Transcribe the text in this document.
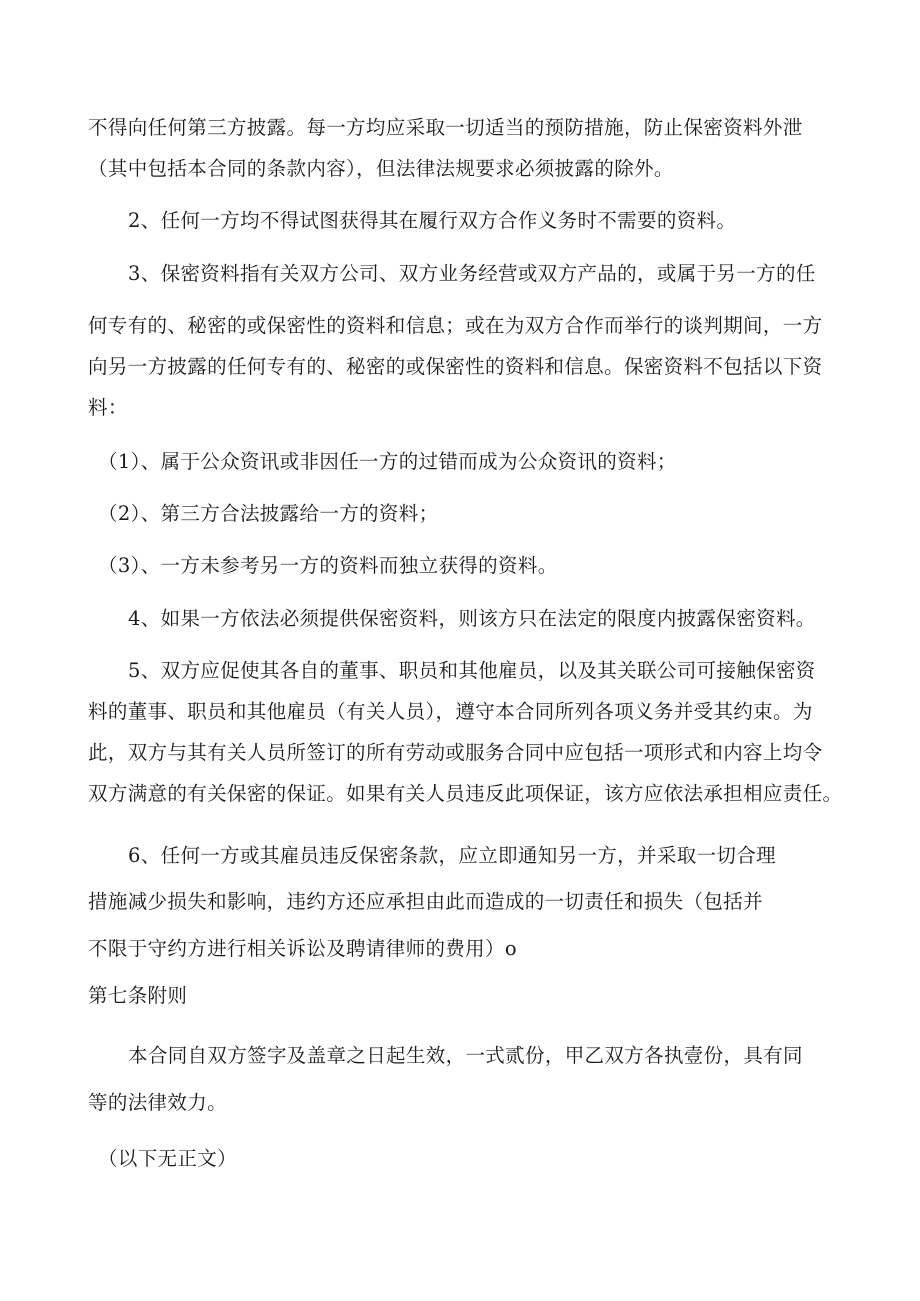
不得向任何第三方披露。每一方均应采取一切适当的预防措施，防止保密资料外泄
（其中包括本合同的条款内容），但法律法规要求必须披露的除外。
2、任何一方均不得试图获得其在履行双方合作义务时不需要的资料。
3、保密资料指有关双方公司、双方业务经营或双方产品的，或属于另一方的任
何专有的、秘密的或保密性的资料和信息；或在为双方合作而举行的谈判期间，一方
向另一方披露的任何专有的、秘密的或保密性的资料和信息。保密资料不包括以下资
料：
（1）、属于公众资讯或非因任一方的过错而成为公众资讯的资料；
（2）、第三方合法披露给一方的资料；
（3）、一方未参考另一方的资料而独立获得的资料。
4、如果一方依法必须提供保密资料，则该方只在法定的限度内披露保密资料。
5、双方应促使其各自的董事、职员和其他雇员，以及其关联公司可接触保密资
料的董事、职员和其他雇员（有关人员），遵守本合同所列各项义务并受其约束。为
此，双方与其有关人员所签订的所有劳动或服务合同中应包括一项形式和内容上均令
双方满意的有关保密的保证。如果有关人员违反此项保证，该方应依法承担相应责任。
6、任何一方或其雇员违反保密条款，应立即通知另一方，并采取一切合理
措施减少损失和影响，违约方还应承担由此而造成的一切责任和损失（包括并
不限于守约方进行相关诉讼及聘请律师的费用）o
第七条附则
本合同自双方签字及盖章之日起生效，一式贰份，甲乙双方各执壹份，具有同
等的法律效力。
（以下无正文）
